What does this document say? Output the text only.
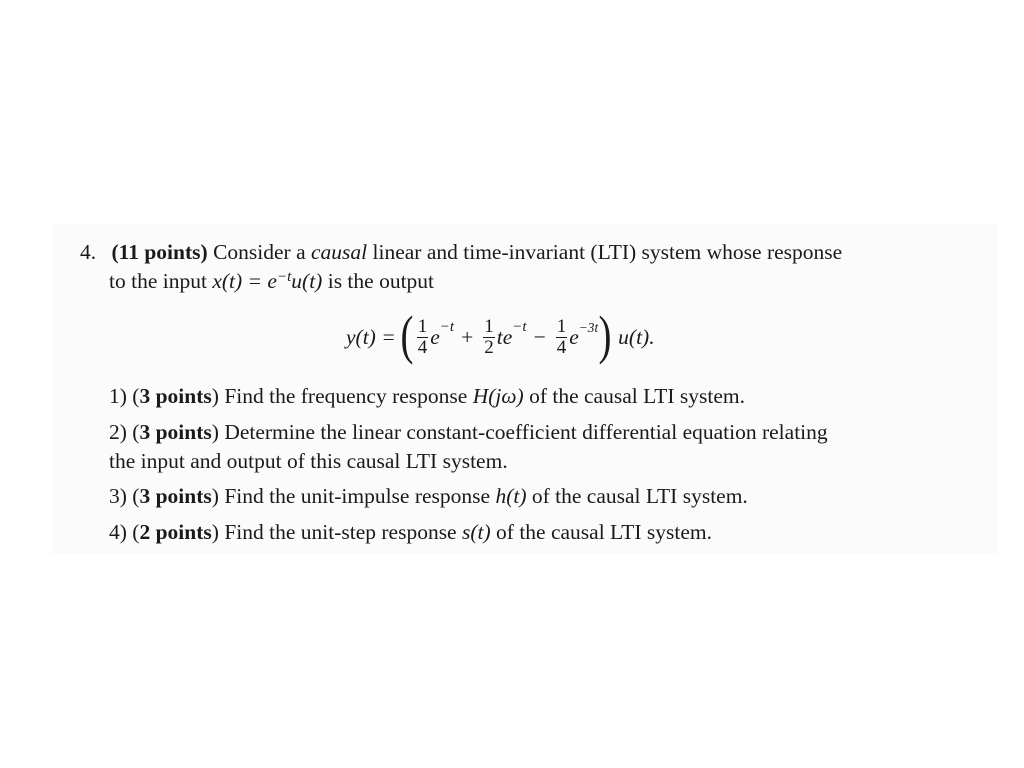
4. (11 points) Consider a causal linear and time-invariant (LTI) system whose response
to the input $x(t) = e^{-t}u(t)$ is the output
y(t) = ( $\frac{1}{4} e^{-t} + \frac{1}{2} te^{-t} - \frac{1}{4} e^{-3t}$ ) u(t).
1) (3 points) Find the frequency response H(jω) of the causal LTI system.
2) (3 points) Determine the linear constant-coefficient differential equation relating
the input and output of this causal LTI system.
3) (3 points) Find the unit-impulse response h(t) of the causal LTI system.
4) (2 points) Find the unit-step response s(t) of the causal LTI system.
